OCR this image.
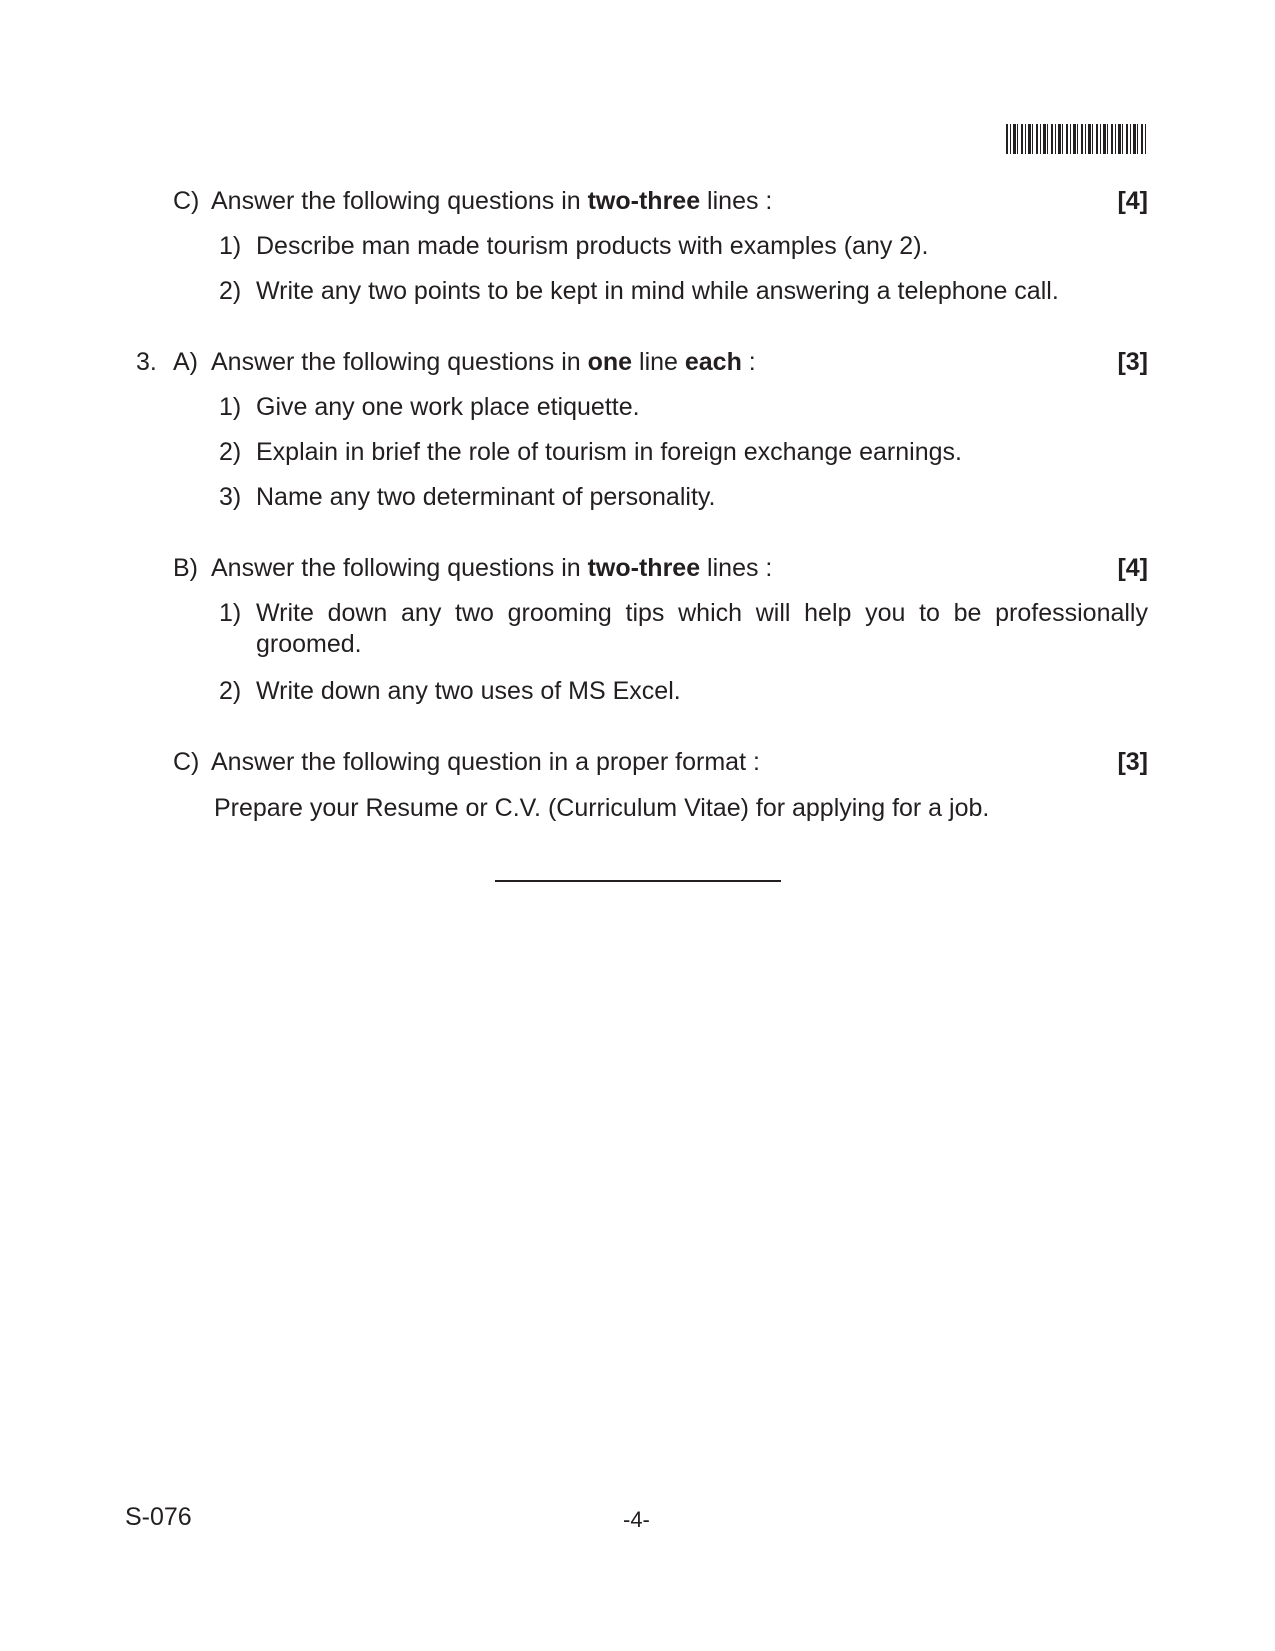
C) Answer the following questions in two-three lines :	[4]
1) Describe man made tourism products with examples (any 2).
2) Write any two points to be kept in mind while answering a telephone call.
3. A) Answer the following questions in one line each :	[3]
1) Give any one work place etiquette.
2) Explain in brief the role of tourism in foreign exchange earnings.
3) Name any two determinant of personality.
B) Answer the following questions in two-three lines :	[4]
1) Write down any two grooming tips which will help you to be professionally groomed.
2) Write down any two uses of MS Excel.
C) Answer the following question in a proper format :	[3]
Prepare your Resume or C.V. (Curriculum Vitae) for applying for a job.
S-076	-4-
